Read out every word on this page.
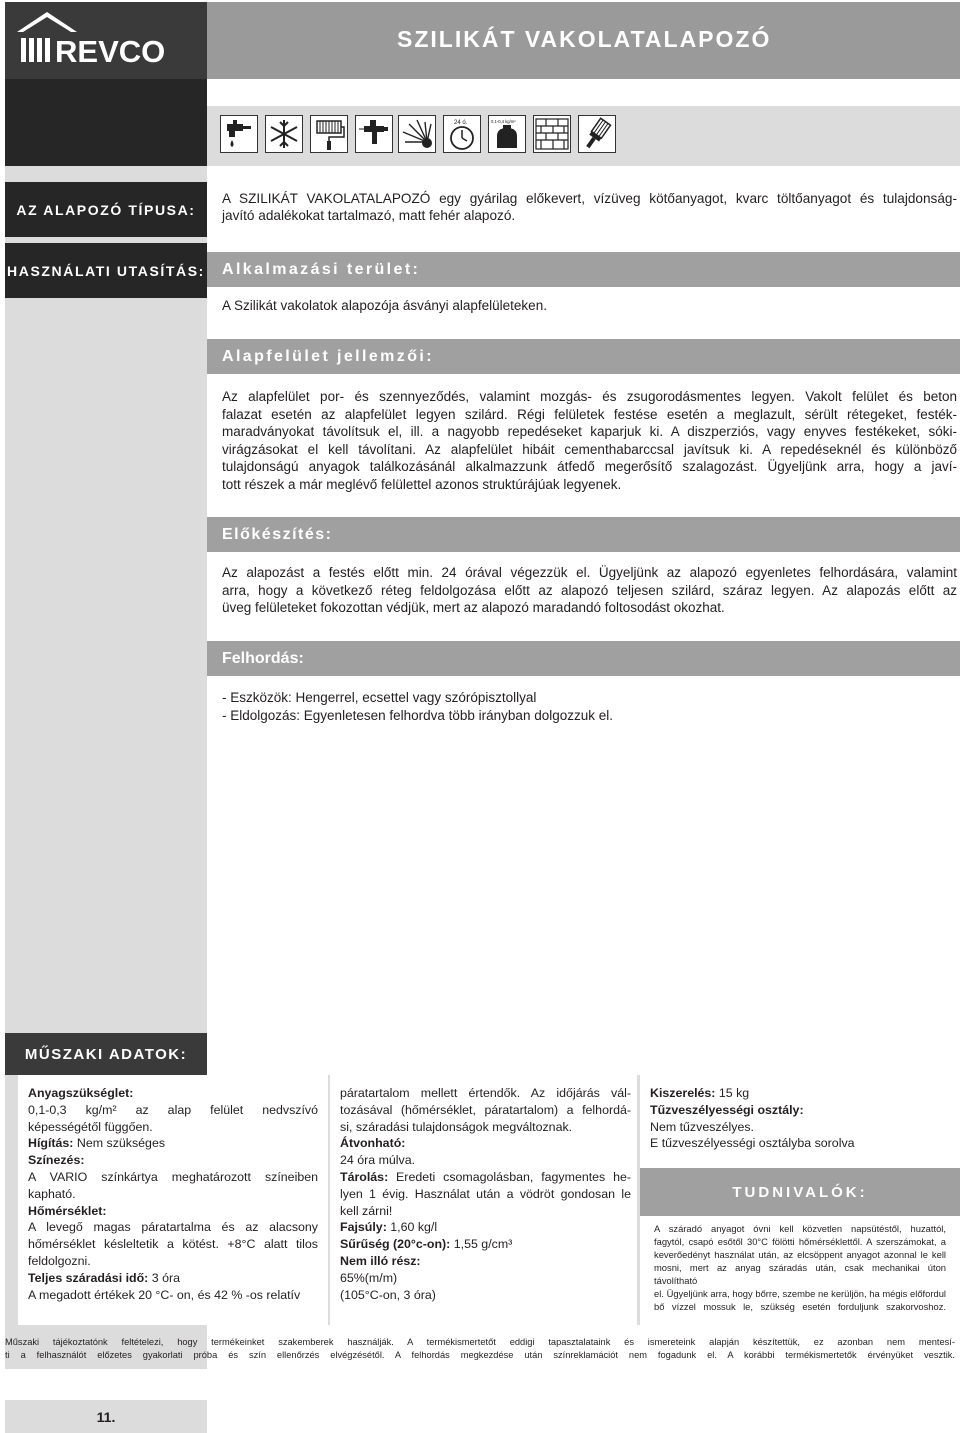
REVCO	SZILIKÁT VAKOLATALAPOZÓ
24 ó.	0,1-0,4 kg/m²
AZ ALAPOZÓ TÍPUSA:
A SZILIKÁT VAKOLATALAPOZÓ egy gyárilag előkevert, vízüveg kötőanyagot, kvarc töltőanyagot és tulajdonság-
javító adalékokat tartalmazó, matt fehér alapozó.
HASZNÁLATI UTASÍTÁS:	Alkalmazási terület:
A Szilikát vakolatok alapozója ásványi alapfelületeken.
Alapfelület jellemzői:
Az alapfelület por- és szennyeződés, valamint mozgás- és zsugorodásmentes legyen. Vakolt felület és beton
falazat esetén az alapfelület legyen szilárd. Régi felületek festése esetén a meglazult, sérült rétegeket, festék-
maradványokat távolítsuk el, ill. a nagyobb repedéseket kaparjuk ki. A diszperziós, vagy enyves festékeket, sóki-
virágzásokat el kell távolítani. Az alapfelület hibáit cementhabarccsal javítsuk ki. A repedéseknél és különböző
tulajdonságú anyagok találkozásánál alkalmazzunk átfedő megerősítő szalagozást. Ügyeljünk arra, hogy a javí-
tott részek a már meglévő felülettel azonos struktúrájúak legyenek.
Előkészítés:
Az alapozást a festés előtt min. 24 órával végezzük el. Ügyeljünk az alapozó egyenletes felhordására, valamint
arra, hogy a következő réteg feldolgozása előtt az alapozó teljesen szilárd, száraz legyen. Az alapozás előtt az
üveg felületeket fokozottan védjük, mert az alapozó maradandó foltosodást okozhat.
Felhordás:
- Eszközök: Hengerrel, ecsettel vagy szórópisztollyal
- Eldolgozás: Egyenletesen felhordva több irányban dolgozzuk el.
MŰSZAKI ADATOK:

Anyagszükséglet:

0,1-0,3 kg/m² az alap felület nedvszívó

képességétől függően.

Hígítás: Nem szükséges

Színezés:

A VARIO színkártya meghatározott színeiben

kapható.

Hőmérséklet:

A levegő magas páratartalma és az alacsony

hőmérséklet késleltetik a kötést. +8°C alatt tilos

feldolgozni.

Teljes száradási idő: 3 óra

A megadott értékek 20 °C- on, és 42 % -os relatív

páratartalom mellett értendők. Az időjárás vál-

tozásával (hőmérséklet, páratartalom) a felhordá-

si, száradási tulajdonságok megváltoznak.

Átvonható:

24 óra múlva.

Tárolás: Eredeti csomagolásban, fagymentes he-

lyen 1 évig. Használat után a vödröt gondosan le

kell zárni!

Fajsúly: 1,60 kg/l

Sűrűség (20°c-on): 1,55 g/cm³

Nem illó rész:

65%(m/m)

(105°C-on, 3 óra)

Kiszerelés: 15 kg

Tűzveszélyességi osztály:

Nem tűzveszélyes.

E tűzveszélyességi osztályba sorolva

TUDNIVALÓK:
A száradó anyagot óvni kell közvetlen napsütéstől, huzattól,
fagytól, csapó esőtől 30°C fölötti hőmérséklettől. A szerszámokat, a
keverőedényt használat után, az elcsöppent anyagot azonnal le kell
mosni, mert az anyag száradás után, csak mechanikai úton távolítható
el. Ügyeljünk arra, hogy bőrre, szembe ne kerüljön, ha mégis előfordul
bő vízzel mossuk le, szükség esetén forduljunk szakorvoshoz.
Műszaki tájékoztatónk feltételezi, hogy termékeinket szakemberek használják. A termékismertetőt eddigi tapasztalataink és ismereteink alapján készítettük, ez azonban nem mentesí-
ti a felhasználót előzetes gyakorlati próba és szín ellenőrzés elvégzésétől. A felhordás megkezdése után színreklamációt nem fogadunk el. A korábbi termékismertetők érvényüket vesztik.
11.
